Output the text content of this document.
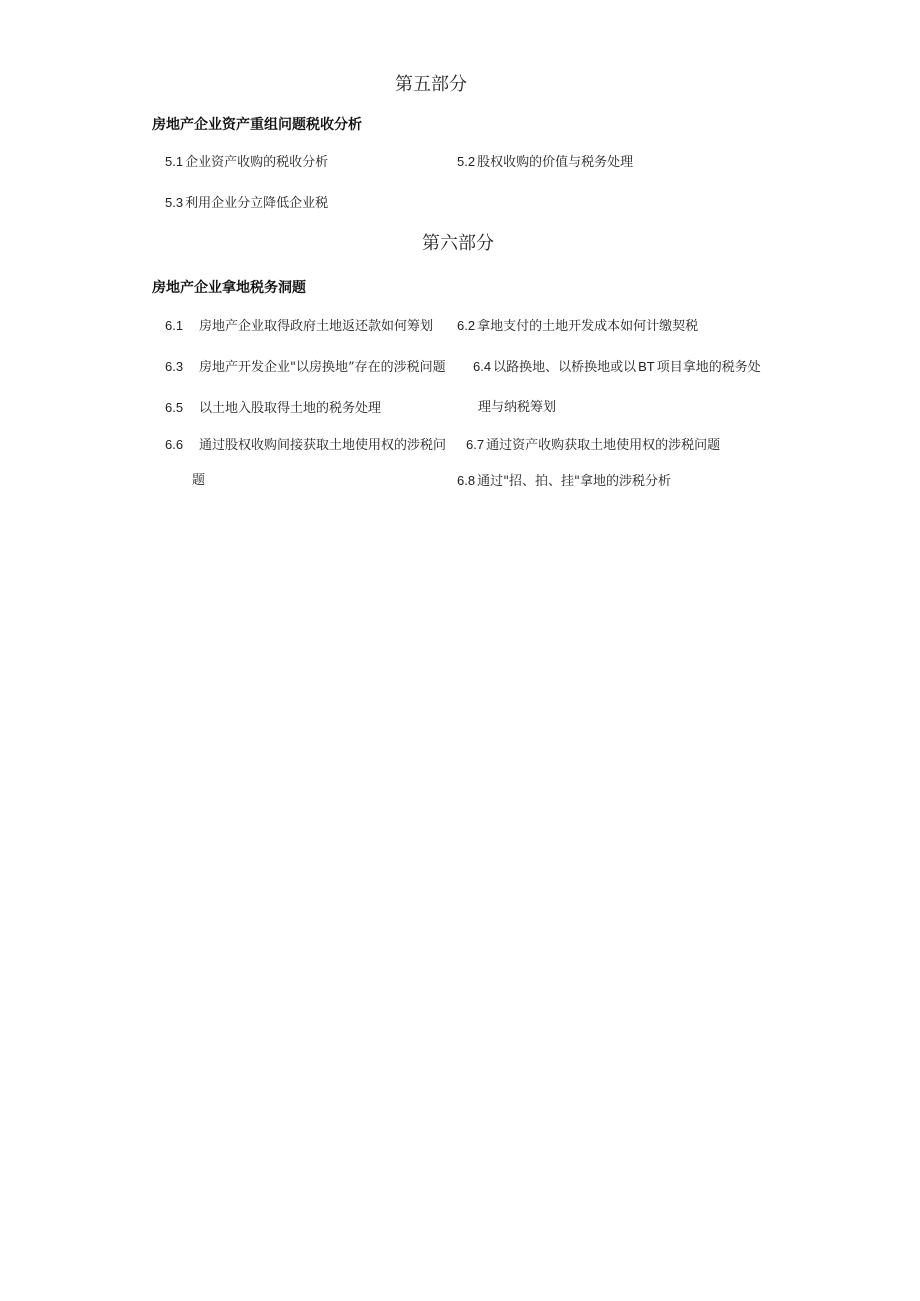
第五部分
房地产企业资产重组问题税收分析
5.1 企业资产收购的税收分析	5.2 股权收购的价值与税务处理
5.3 利用企业分立降低企业税
第六部分
房地产企业拿地税务洞题
6.1 房地产企业取得政府土地返还款如何筹划 6.2 拿地支付的土地开发成本如何计缴契税
6.3 房地产开发企业"以房换地”存在的涉税问题 6.4 以路换地、以桥换地或以 BT 项目拿地的税务处
6.5 以土地入股取得土地的税务处理	理与纳税筹划
6.6 通过股权收购间接获取土地使用权的涉税问 6.7 通过资产收购获取土地使用权的涉税问题
题	6.8 通过"招、拍、挂"拿地的涉税分析
